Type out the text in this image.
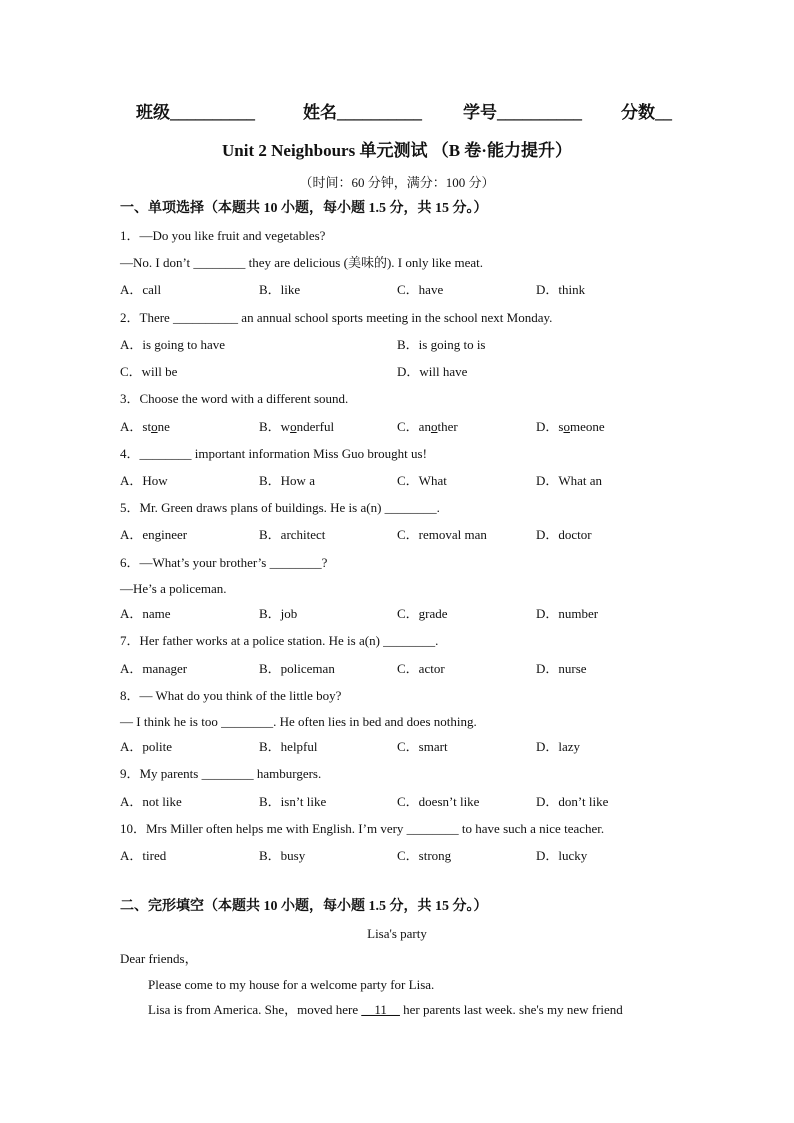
班级__________	姓名__________ 学号__________ 分数__
Unit 2 Neighbours 单元测试 （B 卷·能力提升）
（时间：60 分钟，满分：100 分）
一、单项选择（本题共 10 小题，每小题 1.5 分，共 15 分。）
1．—Do you like fruit and vegetables?
—No. I don’t ________ they are delicious (美味的). I only like meat.
A．call	B．like	C．have	D．think
2．There __________ an annual school sports meeting in the school next Monday.
A．is going to have	B．is going to is
C．will be	D．will have
3．Choose the word with a different sound.
A．stone	B．wonderful	C．another	D．someone
4．________ important information Miss Guo brought us!
A．How	B．How a	C．What	D．What an
5．Mr. Green draws plans of buildings. He is a(n) ________.
A．engineer	B．architect	C．removal man	D．doctor
6．—What’s your brother’s ________?
—He’s a policeman.
A．name	B．job	C．grade	D．number
7．Her father works at a police station. He is a(n) ________.
A．manager	B．policeman	C．actor	D．nurse
8．— What do you think of the little boy?
— I think he is too ________. He often lies in bed and does nothing.
A．polite	B．helpful	C．smart	D．lazy
9．My parents ________ hamburgers.
A．not like	B．isn’t like	C．doesn’t like	D．don’t like
10．Mrs Miller often helps me with English. I’m very ________ to have such a nice teacher.
A．tired	B．busy	C．strong	D．lucky
二、完形填空（本题共 10 小题，每小题 1.5 分，共 15 分。）
Lisa's party
Dear friends，
Please come to my house for a welcome party for Lisa.
Lisa is from America. She，moved here __11__ her parents last week. she's my new friend
